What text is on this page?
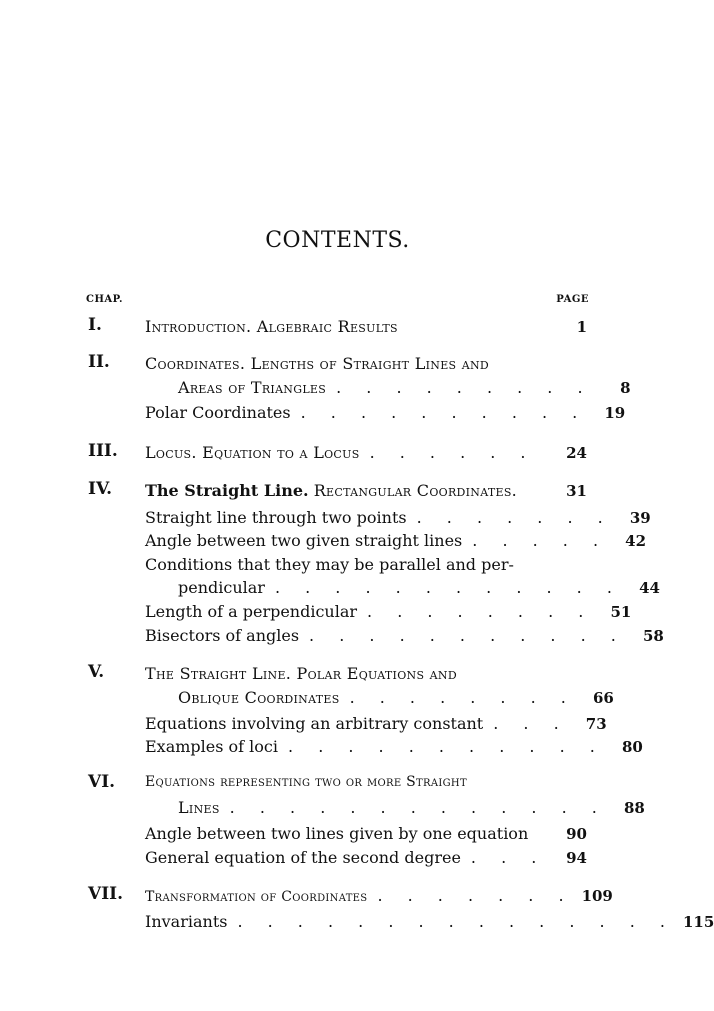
CONTENTS.
CHAP.	PAGE
I.	Introduction. Algebraic Results	1
II. Coordinates. Lengths of Straight Lines and
Areas of Triangles . . . . . . . . .	8
Polar Coordinates . . . . . . . . . .	19
III. Locus. Equation to a Locus . . . . . .	24
IV. The Straight Line. Rectangular Coordinates.	31
Straight line through two points . . . . . . .	39
Angle between two given straight lines . . . . .	42
Conditions that they may be parallel and per-
pendicular . . . . . . . . . . . .	44
Length of a perpendicular . . . . . . . .	51
Bisectors of angles . . . . . . . . . . .	58
V.	The Straight Line. Polar Equations and
Oblique Coordinates . . . . . . . .	66
Equations involving an arbitrary constant . . .	73
Examples of loci . . . . . . . . . . .	80
VI. Equations representing two or more Straight
Lines . . . . . . . . . . . . .	88
Angle between two lines given by one equation	90
General equation of the second degree . . .	94
VII. Transformation of Coordinates . . . . . . . 109
Invariants . . . . . . . . . . . . . . . 115
